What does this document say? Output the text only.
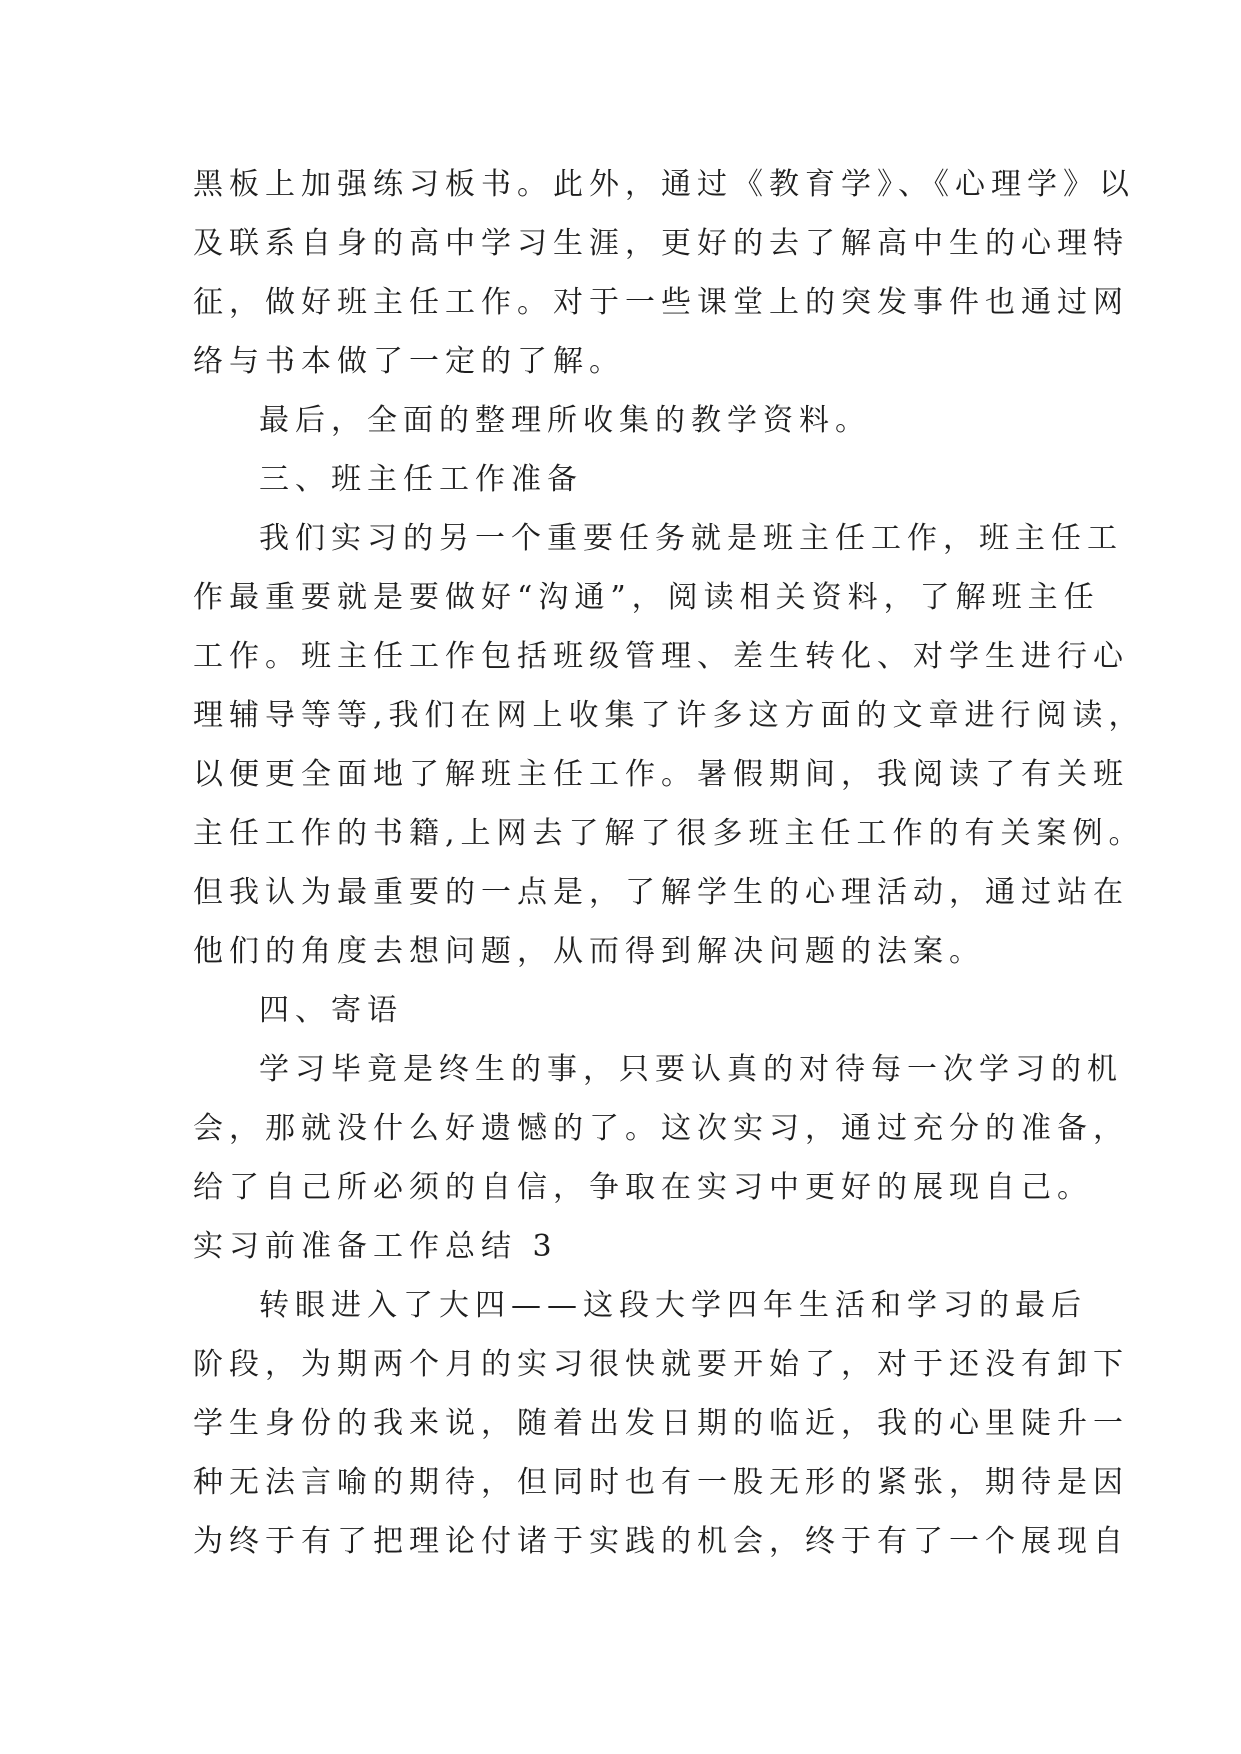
黑板上加强练习板书。此外，通过《教育学》、《心理学》以
及联系自身的高中学习生涯，更好的去了解高中生的心理特
征，做好班主任工作。对于一些课堂上的突发事件也通过网
络与书本做了一定的了解。
最后，全面的整理所收集的教学资料。
三、班主任工作准备
我们实习的另一个重要任务就是班主任工作，班主任工
作最重要就是要做好“沟通”，阅读相关资料，了解班主任
工作。班主任工作包括班级管理、差生转化、对学生进行心
理辅导等等,我们在网上收集了许多这方面的文章进行阅读，
以便更全面地了解班主任工作。暑假期间，我阅读了有关班
主任工作的书籍,上网去了解了很多班主任工作的有关案例。
但我认为最重要的一点是，了解学生的心理活动，通过站在
他们的角度去想问题，从而得到解决问题的法案。
四、寄语
学习毕竟是终生的事，只要认真的对待每一次学习的机
会，那就没什么好遗憾的了。这次实习，通过充分的准备，
给了自己所必须的自信，争取在实习中更好的展现自己。
实习前准备工作总结 3
转眼进入了大四——这段大学四年生活和学习的最后
阶段，为期两个月的实习很快就要开始了，对于还没有卸下
学生身份的我来说，随着出发日期的临近，我的心里陡升一
种无法言喻的期待，但同时也有一股无形的紧张，期待是因
为终于有了把理论付诸于实践的机会，终于有了一个展现自
